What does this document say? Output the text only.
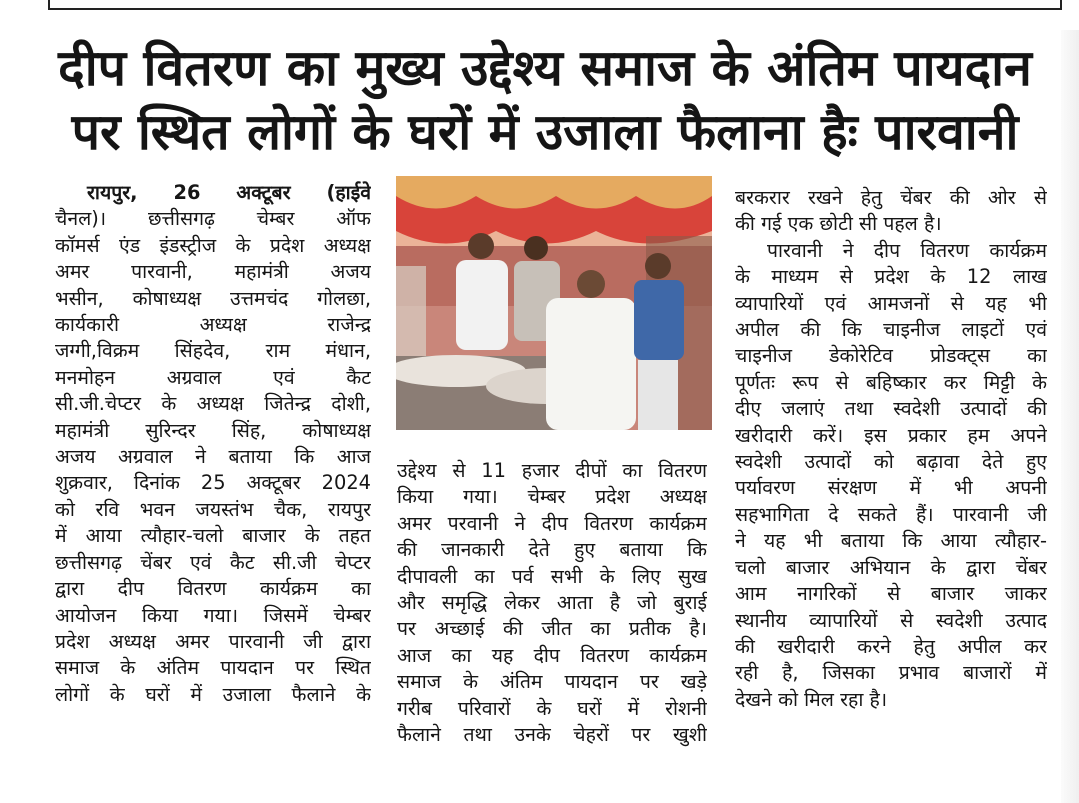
दीप वितरण का मुख्य उद्देश्य समाज के अंतिम पायदान
पर स्थित लोगों के घरों में उजाला फैलाना हैः पारवानी
रायपुर, 26 अक्टूबर (हाईवे
चैनल)। छत्तीसगढ़ चेम्बर ऑफ
कॉमर्स एंड इंडस्ट्रीज के प्रदेश अध्यक्ष
अमर पारवानी, महामंत्री अजय
भसीन, कोषाध्यक्ष उत्तमचंद गोलछा,
कार्यकारी अध्यक्ष राजेन्द्र
जग्गी,विक्रम सिंहदेव, राम मंधान,
मनमोहन अग्रवाल एवं कैट
सी.जी.चेप्टर के अध्यक्ष जितेन्द्र दोशी,
महामंत्री सुरिन्दर सिंह, कोषाध्यक्ष
अजय अग्रवाल ने बताया कि आज
शुक्रवार, दिनांक 25 अक्टूबर 2024
को रवि भवन जयस्तंभ चैक, रायपुर
में आया त्यौहार-चलो बाजार के तहत
छत्तीसगढ़ चेंबर एवं कैट सी.जी चेप्टर
द्वारा दीप वितरण कार्यक्रम का
आयोजन किया गया। जिसमें चेम्बर
प्रदेश अध्यक्ष अमर पारवानी जी द्वारा
समाज के अंतिम पायदान पर स्थित
लोगों के घरों में उजाला फैलाने के
उद्देश्य से 11 हजार दीपों का वितरण
किया गया। चेम्बर प्रदेश अध्यक्ष
अमर परवानी ने दीप वितरण कार्यक्रम
की जानकारी देते हुए बताया कि
दीपावली का पर्व सभी के लिए सुख
और समृद्धि लेकर आता है जो बुराई
पर अच्छाई की जीत का प्रतीक है।
आज का यह दीप वितरण कार्यक्रम
समाज के अंतिम पायदान पर खड़े
गरीब परिवारों के घरों में रोशनी
फैलाने तथा उनके चेहरों पर खुशी
बरकरार रखने हेतु चेंबर की ओर से
की गई एक छोटी सी पहल है।
पारवानी ने दीप वितरण कार्यक्रम
के माध्यम से प्रदेश के 12 लाख
व्यापारियों एवं आमजनों से यह भी
अपील की कि चाइनीज लाइटों एवं
चाइनीज डेकोरेटिव प्रोडक्ट्स का
पूर्णतः रूप से बहिष्कार कर मिट्टी के
दीए जलाएं तथा स्वदेशी उत्पादों की
खरीदारी करें। इस प्रकार हम अपने
स्वदेशी उत्पादों को बढ़ावा देते हुए
पर्यावरण संरक्षण में भी अपनी
सहभागिता दे सकते हैं। पारवानी जी
ने यह भी बताया कि आया त्यौहार-
चलो बाजार अभियान के द्वारा चेंबर
आम नागरिकों से बाजार जाकर
स्थानीय व्यापारियों से स्वदेशी उत्पाद
की खरीदारी करने हेतु अपील कर
रही है, जिसका प्रभाव बाजारों में
देखने को मिल रहा है।
